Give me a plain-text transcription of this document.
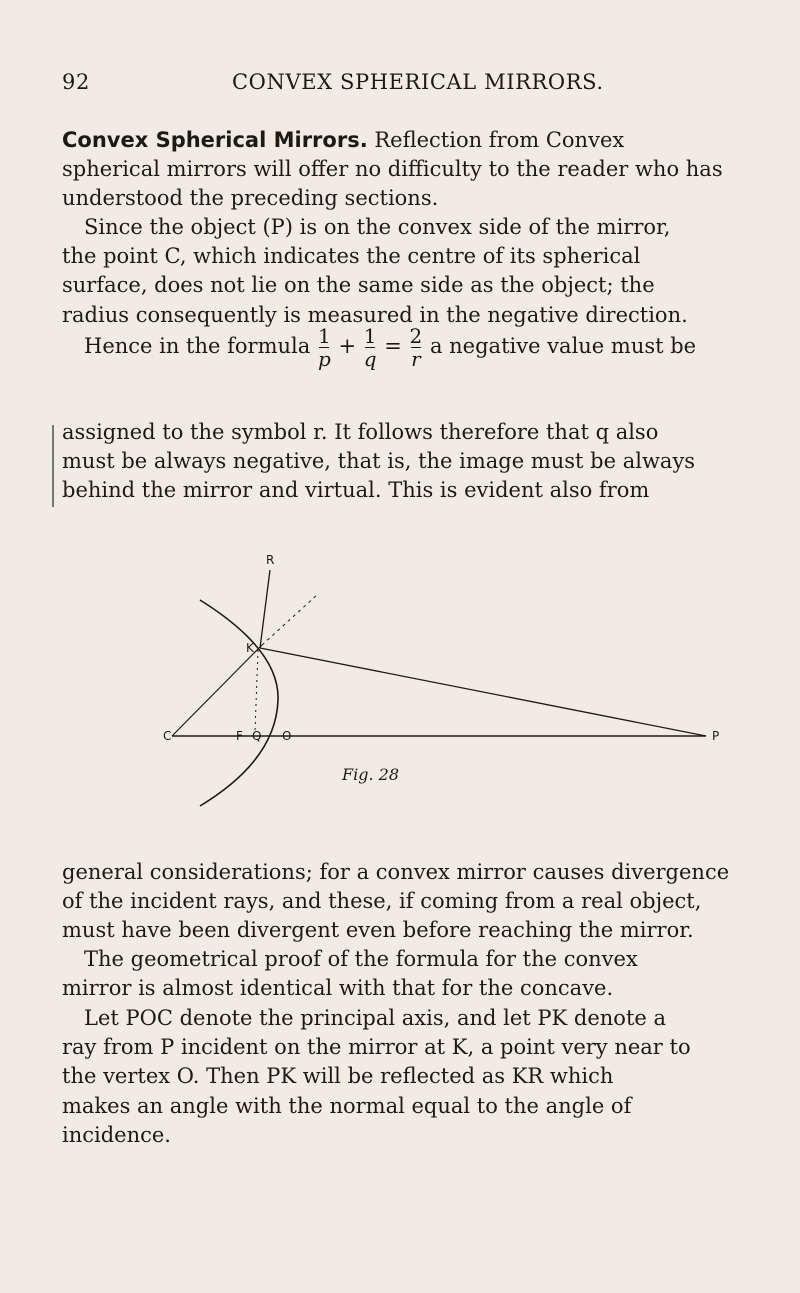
92	CONVEX SPHERICAL MIRRORS.

Convex Spherical Mirrors. Reflection from Convex
spherical mirrors will offer no difficulty to the reader who has
understood the preceding sections.

Since the object (P) is on the convex side of the mirror,
the point C, which indicates the centre of its spherical
surface, does not lie on the same side as the object; the
radius consequently is measured in the negative direction.

Hence in the formula $\frac{1}{p} + \frac{1}{q} = \frac{2}{r}$ a negative value must be

assigned to the symbol r. It follows therefore that q also
must be always negative, that is, the image must be always
behind the mirror and virtual. This is evident also from

R
K
C	F Q O	P
Fig. 28

general considerations; for a convex mirror causes divergence
of the incident rays, and these, if coming from a real object,
must have been divergent even before reaching the mirror.

The geometrical proof of the formula for the convex
mirror is almost identical with that for the concave.

Let POC denote the principal axis, and let PK denote a
ray from P incident on the mirror at K, a point very near to
the vertex O. Then PK will be reflected as KR which
makes an angle with the normal equal to the angle of
incidence.
